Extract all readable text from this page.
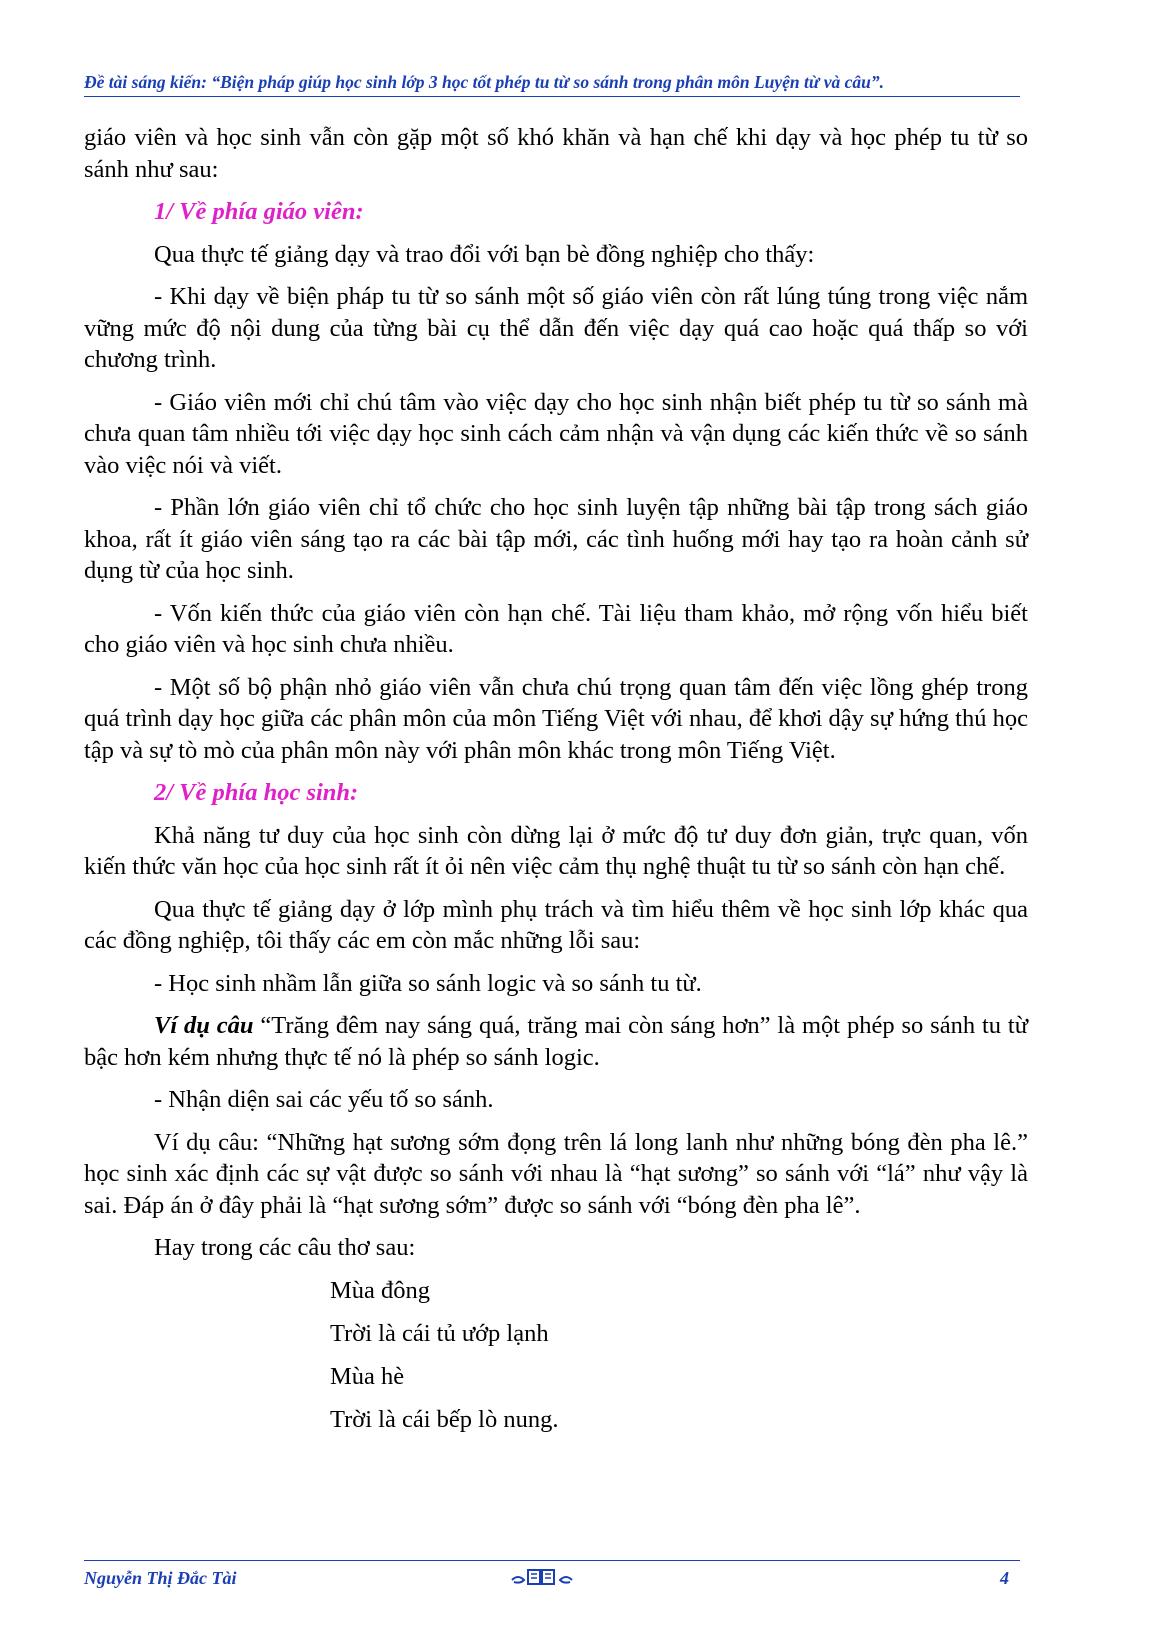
Đề tài sáng kiến: “Biện pháp giúp học sinh lớp 3 học tốt phép tu từ so sánh trong phân môn Luyện từ và câu”.

giáo viên và học sinh vẫn còn gặp một số khó khăn và hạn chế khi dạy và học phép tu từ so sánh như sau:

1/ Về phía giáo viên:

Qua thực tế giảng dạy và trao đổi với bạn bè đồng nghiệp cho thấy:

- Khi dạy về biện pháp tu từ so sánh một số giáo viên còn rất lúng túng trong việc nắm vững mức độ nội dung của từng bài cụ thể dẫn đến việc dạy quá cao hoặc quá thấp so với chương trình.

- Giáo viên mới chỉ chú tâm vào việc dạy cho học sinh nhận biết phép tu từ so sánh mà chưa quan tâm nhiều tới việc dạy học sinh cách cảm nhận và vận dụng các kiến thức về so sánh vào việc nói và viết.

- Phần lớn giáo viên chỉ tổ chức cho học sinh luyện tập những bài tập trong sách giáo khoa, rất ít giáo viên sáng tạo ra các bài tập mới, các tình huống mới hay tạo ra hoàn cảnh sử dụng từ của học sinh.

- Vốn kiến thức của giáo viên còn hạn chế. Tài liệu tham khảo, mở rộng vốn hiểu biết cho giáo viên và học sinh chưa nhiều.

- Một số bộ phận nhỏ giáo viên vẫn chưa chú trọng quan tâm đến việc lồng ghép trong quá trình dạy học giữa các phân môn của môn Tiếng Việt với nhau, để khơi dậy sự hứng thú học tập và sự tò mò của phân môn này với phân môn khác trong môn Tiếng Việt.

2/ Về phía học sinh:

Khả năng tư duy của học sinh còn dừng lại ở mức độ tư duy đơn giản, trực quan, vốn kiến thức văn học của học sinh rất ít ỏi nên việc cảm thụ nghệ thuật tu từ so sánh còn hạn chế.

Qua thực tế giảng dạy ở lớp mình phụ trách và tìm hiểu thêm về học sinh lớp khác qua các đồng nghiệp, tôi thấy các em còn mắc những lỗi sau:

- Học sinh nhầm lẫn giữa so sánh logic và so sánh tu từ.

Ví dụ câu “Trăng đêm nay sáng quá, trăng mai còn sáng hơn” là một phép so sánh tu từ bậc hơn kém nhưng thực tế nó là phép so sánh logic.

- Nhận diện sai các yếu tố so sánh.

Ví dụ câu: “Những hạt sương sớm đọng trên lá long lanh như những bóng đèn pha lê.” học sinh xác định các sự vật được so sánh với nhau là “hạt sương” so sánh với “lá” như vậy là sai. Đáp án ở đây phải là “hạt sương sớm” được so sánh với “bóng đèn pha lê”.

Hay trong các câu thơ sau:

Mùa đông

Trời là cái tủ ướp lạnh

Mùa hè

Trời là cái bếp lò nung.

Nguyễn Thị Đắc Tài	4
